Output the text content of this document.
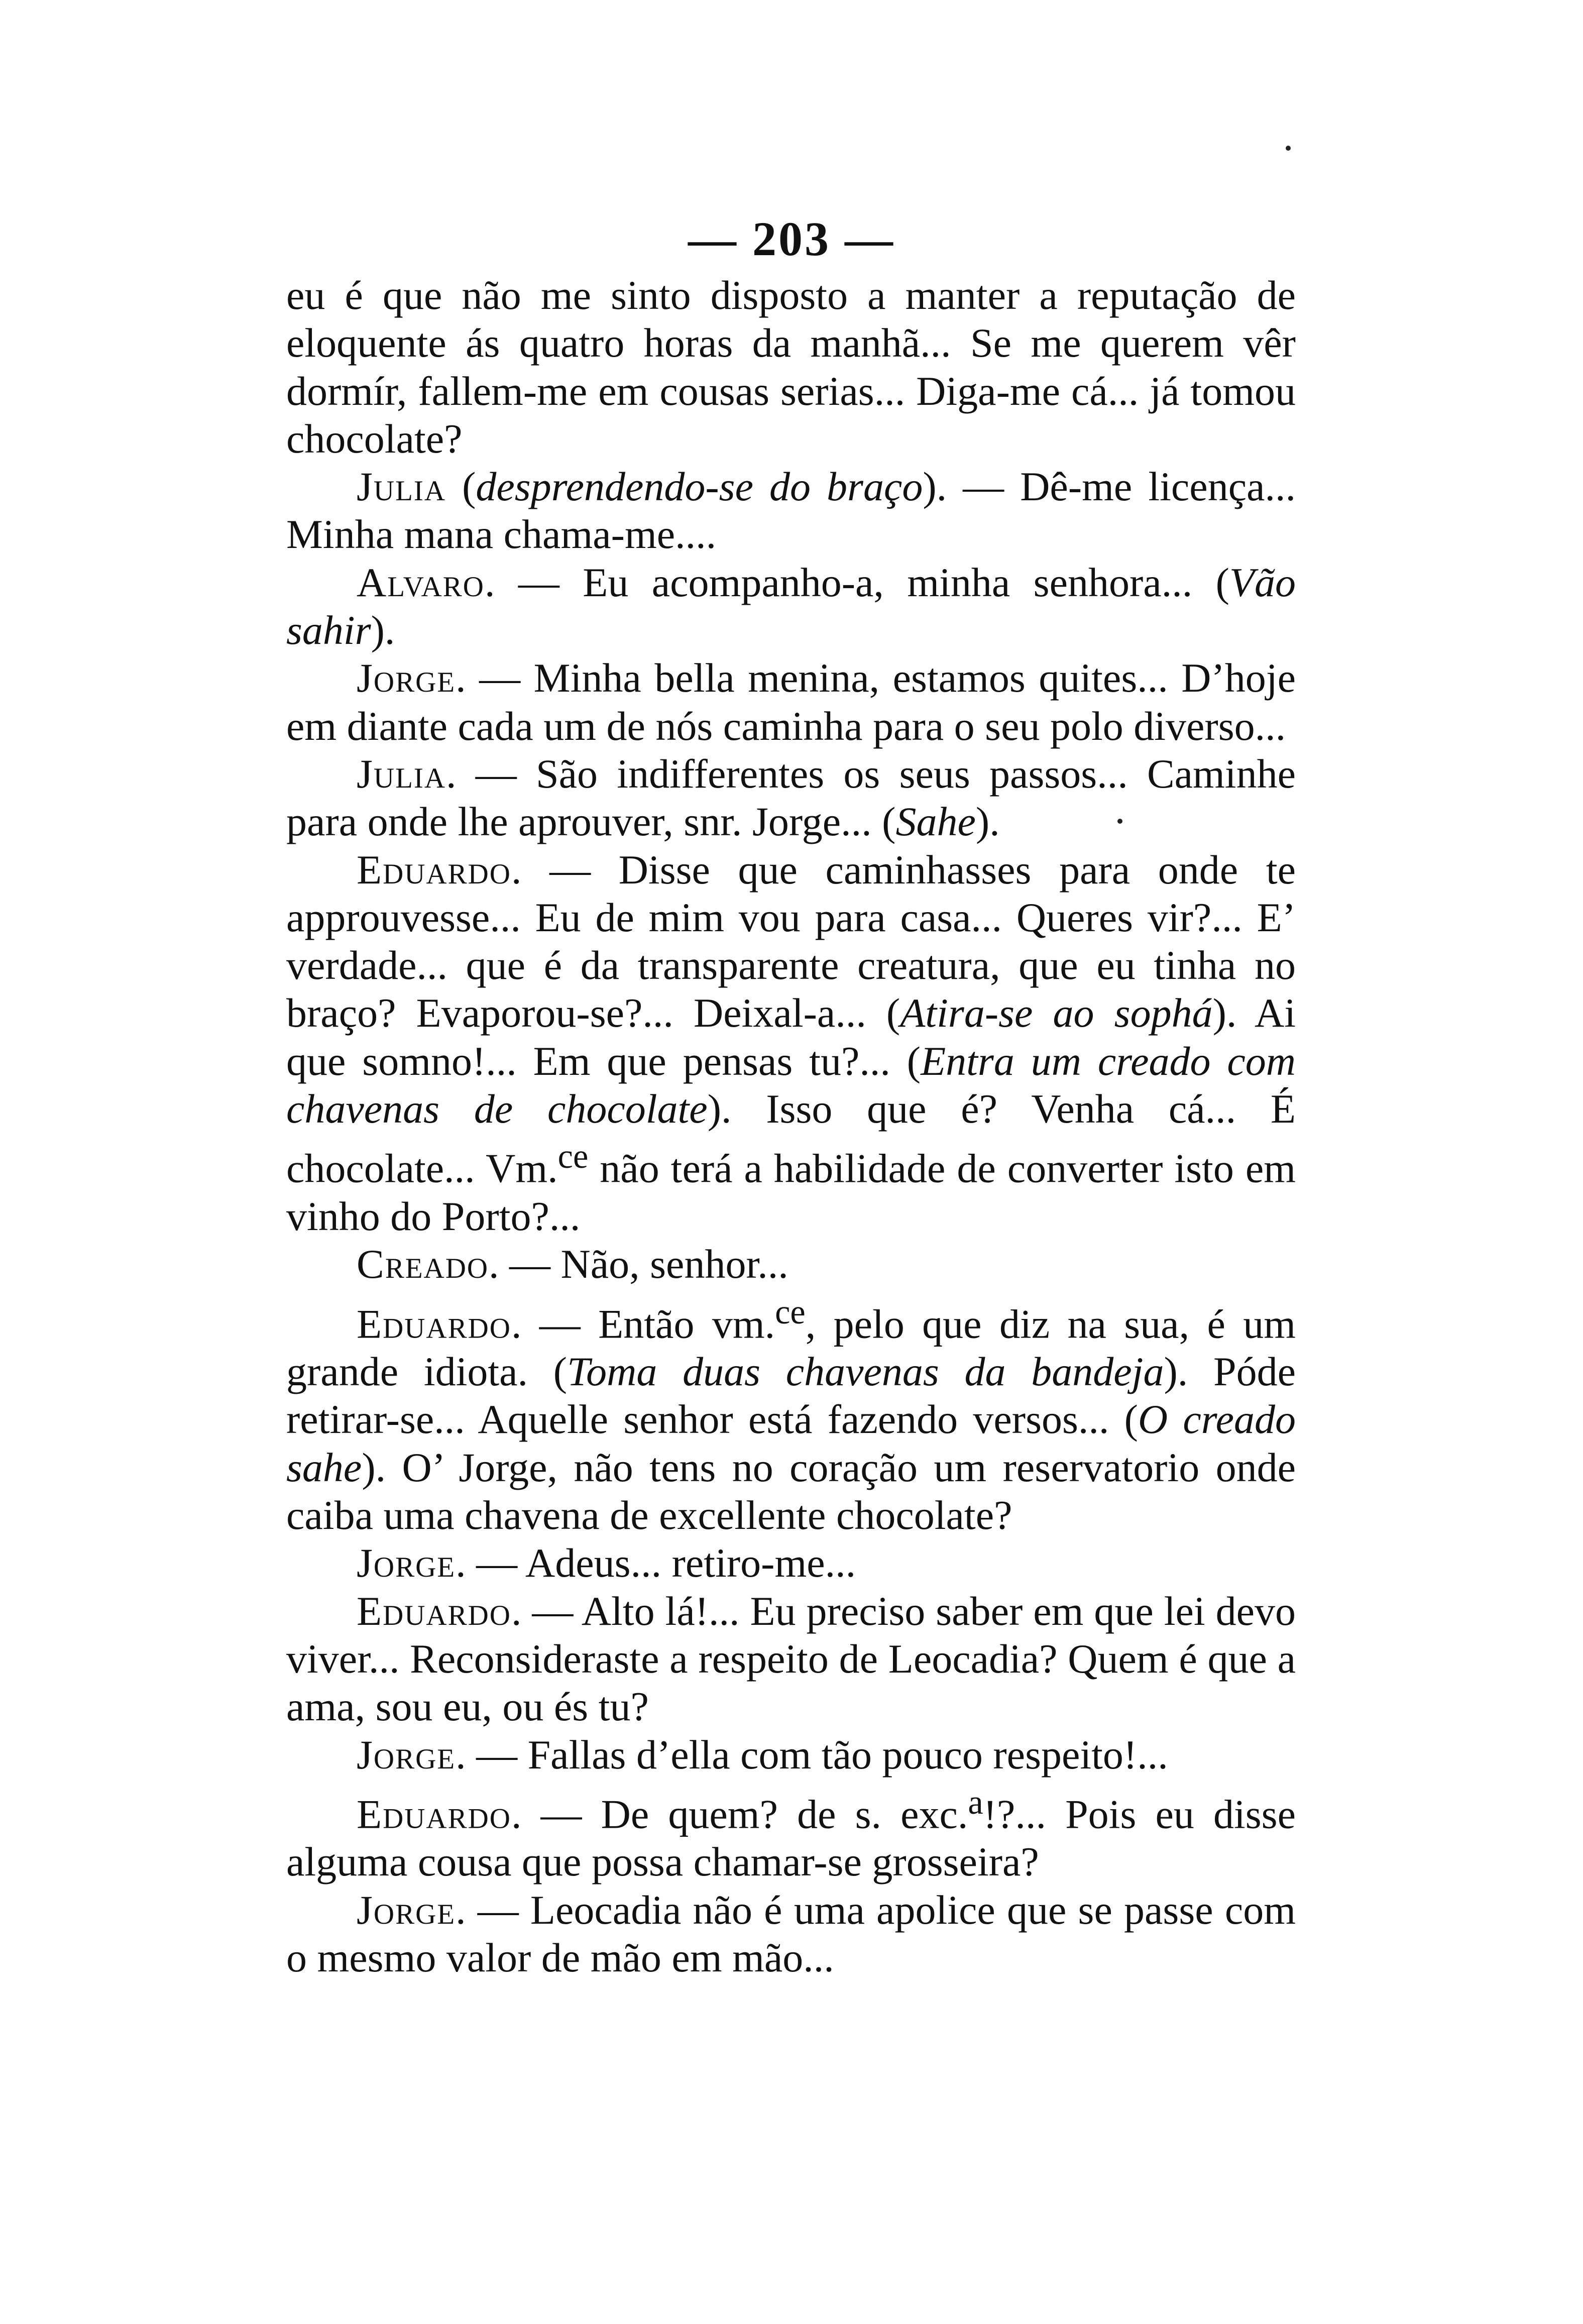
— 203 —

eu é que não me sinto disposto a manter a reputação de eloquente ás quatro horas da manhã... Se me querem vêr dormír, fallem-me em cousas serias... Diga-me cá... já tomou chocolate?

Julia (desprendendo-se do braço). — Dê-me licença... Minha mana chama-me....

Alvaro. — Eu acompanho-a, minha senhora... (Vão sahir).

Jorge. — Minha bella menina, estamos quites... D’hoje em diante cada um de nós caminha para o seu polo diverso...

Julia. — São indifferentes os seus passos... Caminhe para onde lhe aprouver, snr. Jorge... (Sahe).

Eduardo. — Disse que caminhasses para onde te approuvesse... Eu de mim vou para casa... Queres vir?... E’ verdade... que é da transparente creatura, que eu tinha no braço? Evaporou-se?... Deixal-a... (Atira-se ao sophá). Ai que somno!... Em que pensas tu?... (Entra um creado com chavenas de chocolate). Isso que é? Venha cá... É chocolate... Vm.$^{ce}$ não terá a habilidade de converter isto em vinho do Porto?...

Creado. — Não, senhor...

Eduardo. — Então vm.$^{ce}$, pelo que diz na sua, é um grande idiota. (Toma duas chavenas da bandeja). Póde retirar-se... Aquelle senhor está fazendo versos... (O creado sahe). O’ Jorge, não tens no coração um reservatorio onde caiba uma chavena de excellente chocolate?

Jorge. — Adeus... retiro-me...

Eduardo. — Alto lá!... Eu preciso saber em que lei devo viver... Reconsideraste a respeito de Leocadia? Quem é que a ama, sou eu, ou és tu?

Jorge. — Fallas d’ella com tão pouco respeito!...

Eduardo. — De quem? de s. exc.$^a$!?... Pois eu disse alguma cousa que possa chamar-se grosseira?

Jorge. — Leocadia não é uma apolice que se passe com o mesmo valor de mão em mão...
